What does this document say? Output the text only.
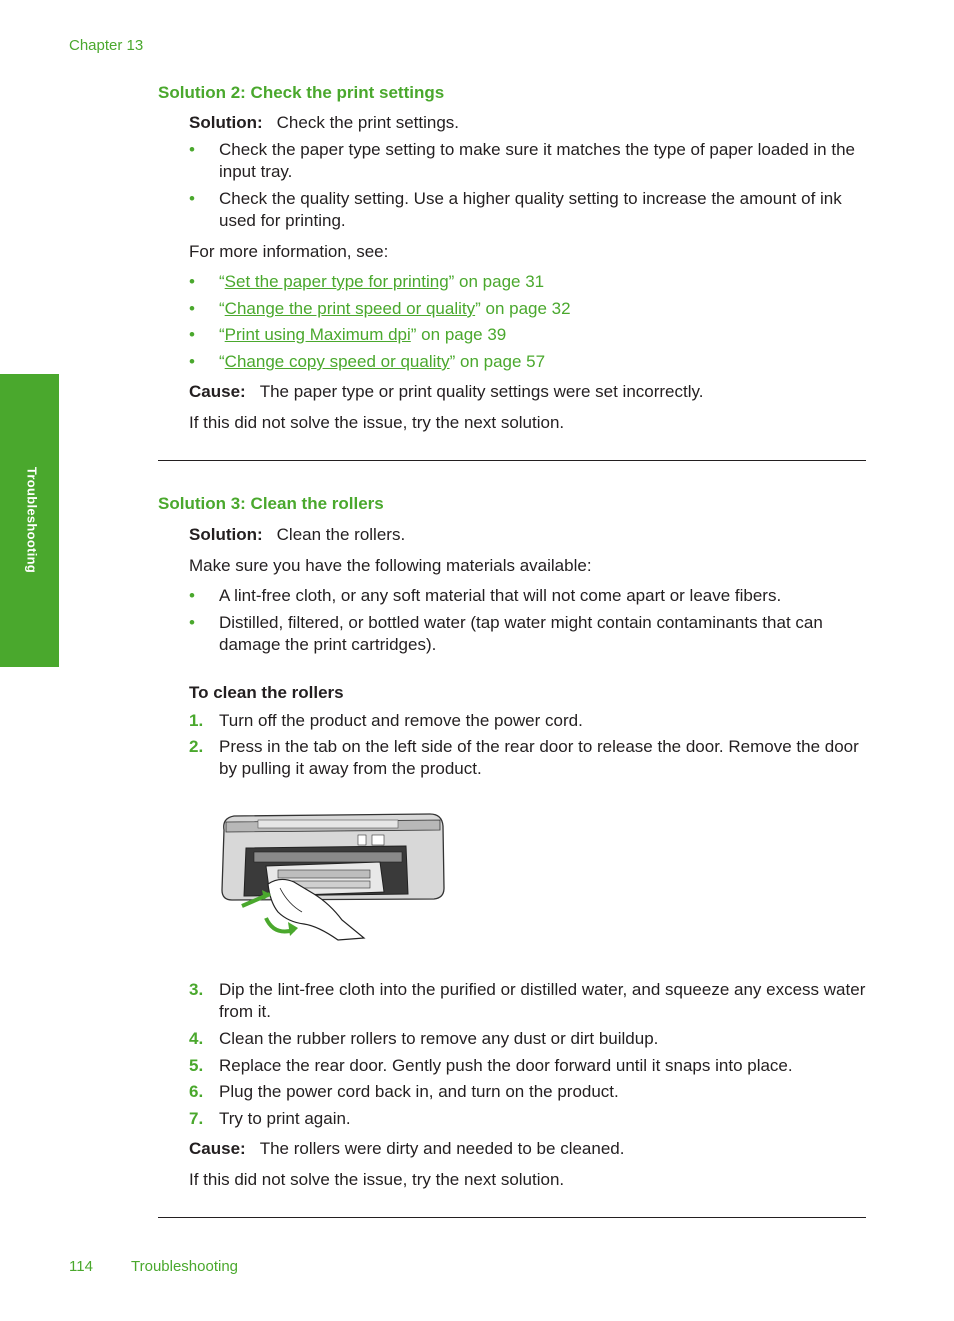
Chapter 13
Troubleshooting
Solution 2: Check the print settings
Solution: Check the print settings.
• Check the paper type setting to make sure it matches the type of paper loaded in the input tray.
• Check the quality setting. Use a higher quality setting to increase the amount of ink used for printing.
For more information, see:
• “Set the paper type for printing” on page 31
• “Change the print speed or quality” on page 32
• “Print using Maximum dpi” on page 39
• “Change copy speed or quality” on page 57
Cause: The paper type or print quality settings were set incorrectly.
If this did not solve the issue, try the next solution.
Solution 3: Clean the rollers
Solution: Clean the rollers.
Make sure you have the following materials available:
• A lint-free cloth, or any soft material that will not come apart or leave fibers.
• Distilled, filtered, or bottled water (tap water might contain contaminants that can damage the print cartridges).
To clean the rollers
1. Turn off the product and remove the power cord.
2. Press in the tab on the left side of the rear door to release the door. Remove the door by pulling it away from the product.
3. Dip the lint-free cloth into the purified or distilled water, and squeeze any excess water from it.
4. Clean the rubber rollers to remove any dust or dirt buildup.
5. Replace the rear door. Gently push the door forward until it snaps into place.
6. Plug the power cord back in, and turn on the product.
7. Try to print again.
Cause: The rollers were dirty and needed to be cleaned.
If this did not solve the issue, try the next solution.
114	Troubleshooting
